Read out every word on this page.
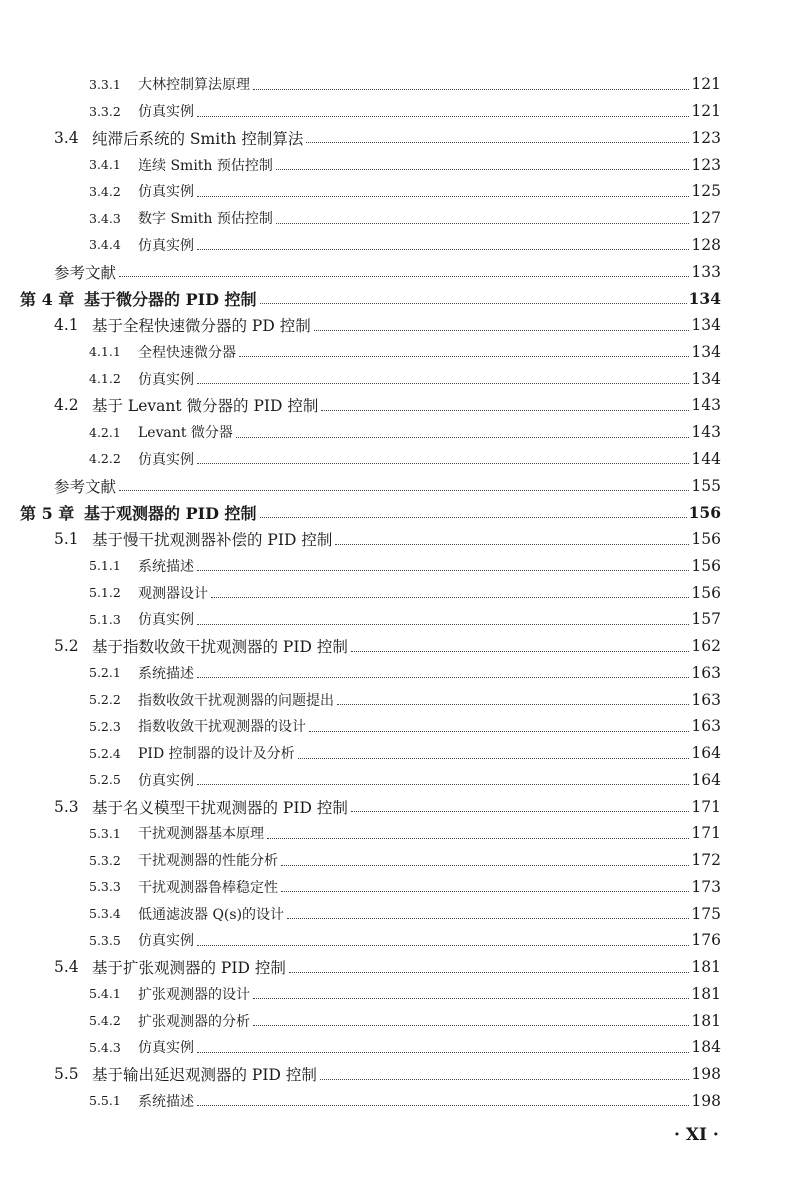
3.3.1	大林控制算法原理	121
3.3.2	仿真实例	121
3.4 纯滞后系统的 Smith 控制算法	123
3.4.1	连续 Smith 预估控制	123
3.4.2	仿真实例	125
3.4.3	数字 Smith 预估控制	127
3.4.4	仿真实例	128
参考文献	133
第 4 章 基于微分器的 PID 控制	134
4.1 基于全程快速微分器的 PD 控制	134
4.1.1	全程快速微分器	134
4.1.2	仿真实例	134
4.2 基于 Levant 微分器的 PID 控制	143
4.2.1	Levant 微分器	143
4.2.2	仿真实例	144
参考文献	155
第 5 章 基于观测器的 PID 控制	156
5.1 基于慢干扰观测器补偿的 PID 控制	156
5.1.1	系统描述	156
5.1.2	观测器设计	156
5.1.3	仿真实例	157
5.2 基于指数收敛干扰观测器的 PID 控制	162
5.2.1	系统描述	163
5.2.2	指数收敛干扰观测器的问题提出	163
5.2.3	指数收敛干扰观测器的设计	163
5.2.4	PID 控制器的设计及分析	164
5.2.5	仿真实例	164
5.3 基于名义模型干扰观测器的 PID 控制	171
5.3.1	干扰观测器基本原理	171
5.3.2	干扰观测器的性能分析	172
5.3.3	干扰观测器鲁棒稳定性	173
5.3.4	低通滤波器 Q(s)的设计	175
5.3.5	仿真实例	176
5.4 基于扩张观测器的 PID 控制	181
5.4.1	扩张观测器的设计	181
5.4.2	扩张观测器的分析	181
5.4.3	仿真实例	184
5.5 基于输出延迟观测器的 PID 控制	198
5.5.1	系统描述	198
· XI ·
